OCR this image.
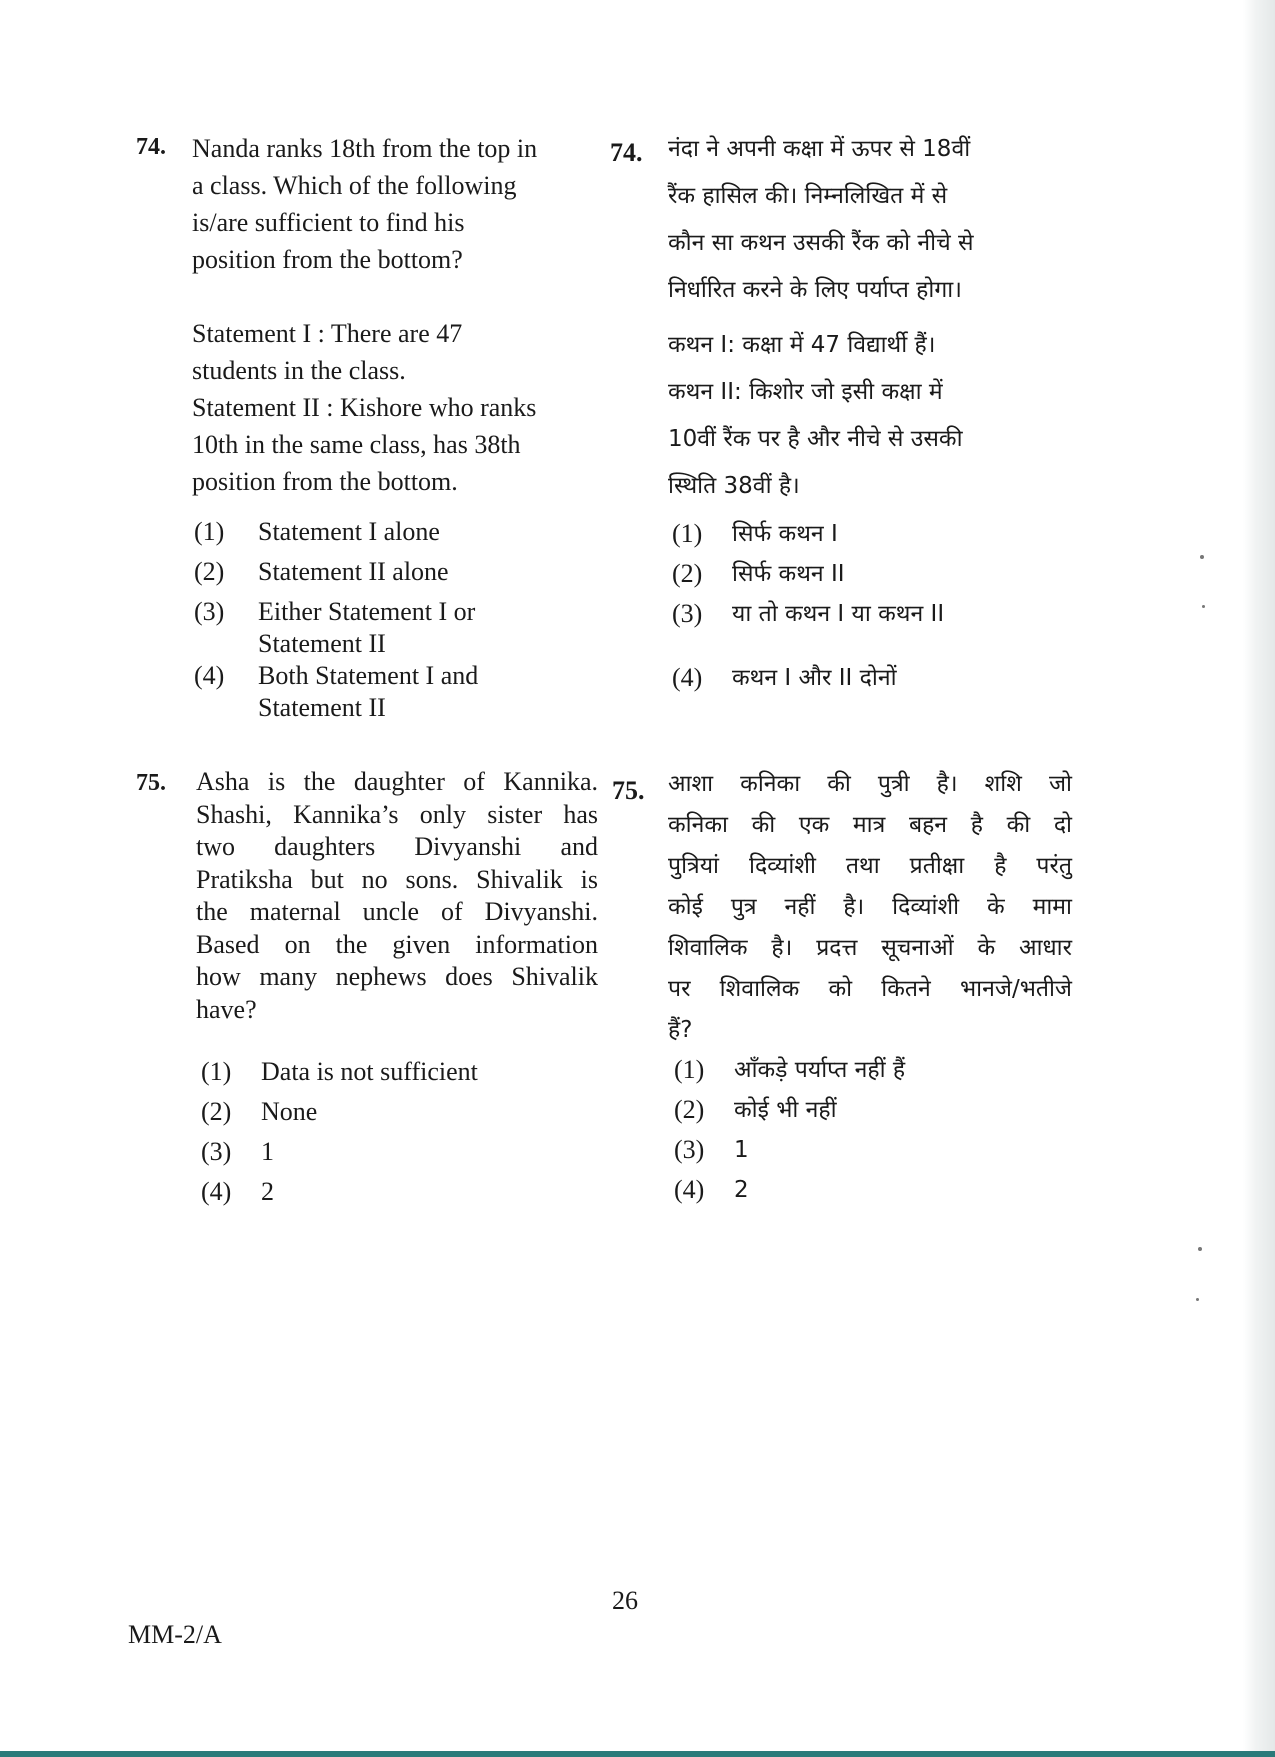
74. Nanda ranks 18th from the top in
a class. Which of the following
is/are sufficient to find his
position from the bottom?
Statement I : There are 47
students in the class.
Statement II : Kishore who ranks
10th in the same class, has 38th
position from the bottom.
(1) Statement I alone
(2) Statement II alone
(3) Either Statement I or
Statement II
(4) Both Statement I and
Statement II
74. नंदा ने अपनी कक्षा में ऊपर से 18वीं
रैंक हासिल की। निम्नलिखित में से
कौन सा कथन उसकी रैंक को नीचे से
निर्धारित करने के लिए पर्याप्त होगा।
कथन I: कक्षा में 47 विद्यार्थी हैं।
कथन II: किशोर जो इसी कक्षा में
10वीं रैंक पर है और नीचे से उसकी
स्थिति 38वीं है।
(1) सिर्फ कथन I
(2) सिर्फ कथन II
(3) या तो कथन I या कथन II
(4) कथन I और II दोनों
75. Asha is the daughter of Kannika.
Shashi, Kannika’s only sister has
two daughters Divyanshi and
Pratiksha but no sons. Shivalik is
the maternal uncle of Divyanshi.
Based on the given information
how many nephews does Shivalik
have?
(1) Data is not sufficient
(2) None
(3) 1
(4) 2
75. आशा कनिका की पुत्री है। शशि जो
कनिका की एक मात्र बहन है की दो
पुत्रियां दिव्यांशी तथा प्रतीक्षा है परंतु
कोई पुत्र नहीं है। दिव्यांशी के मामा
शिवालिक है। प्रदत्त सूचनाओं के आधार
पर शिवालिक को कितने भानजे/भतीजे
हैं?
(1) आँकड़े पर्याप्त नहीं हैं
(2) कोई भी नहीं
(3) 1
(4) 2
26
MM-2/A
